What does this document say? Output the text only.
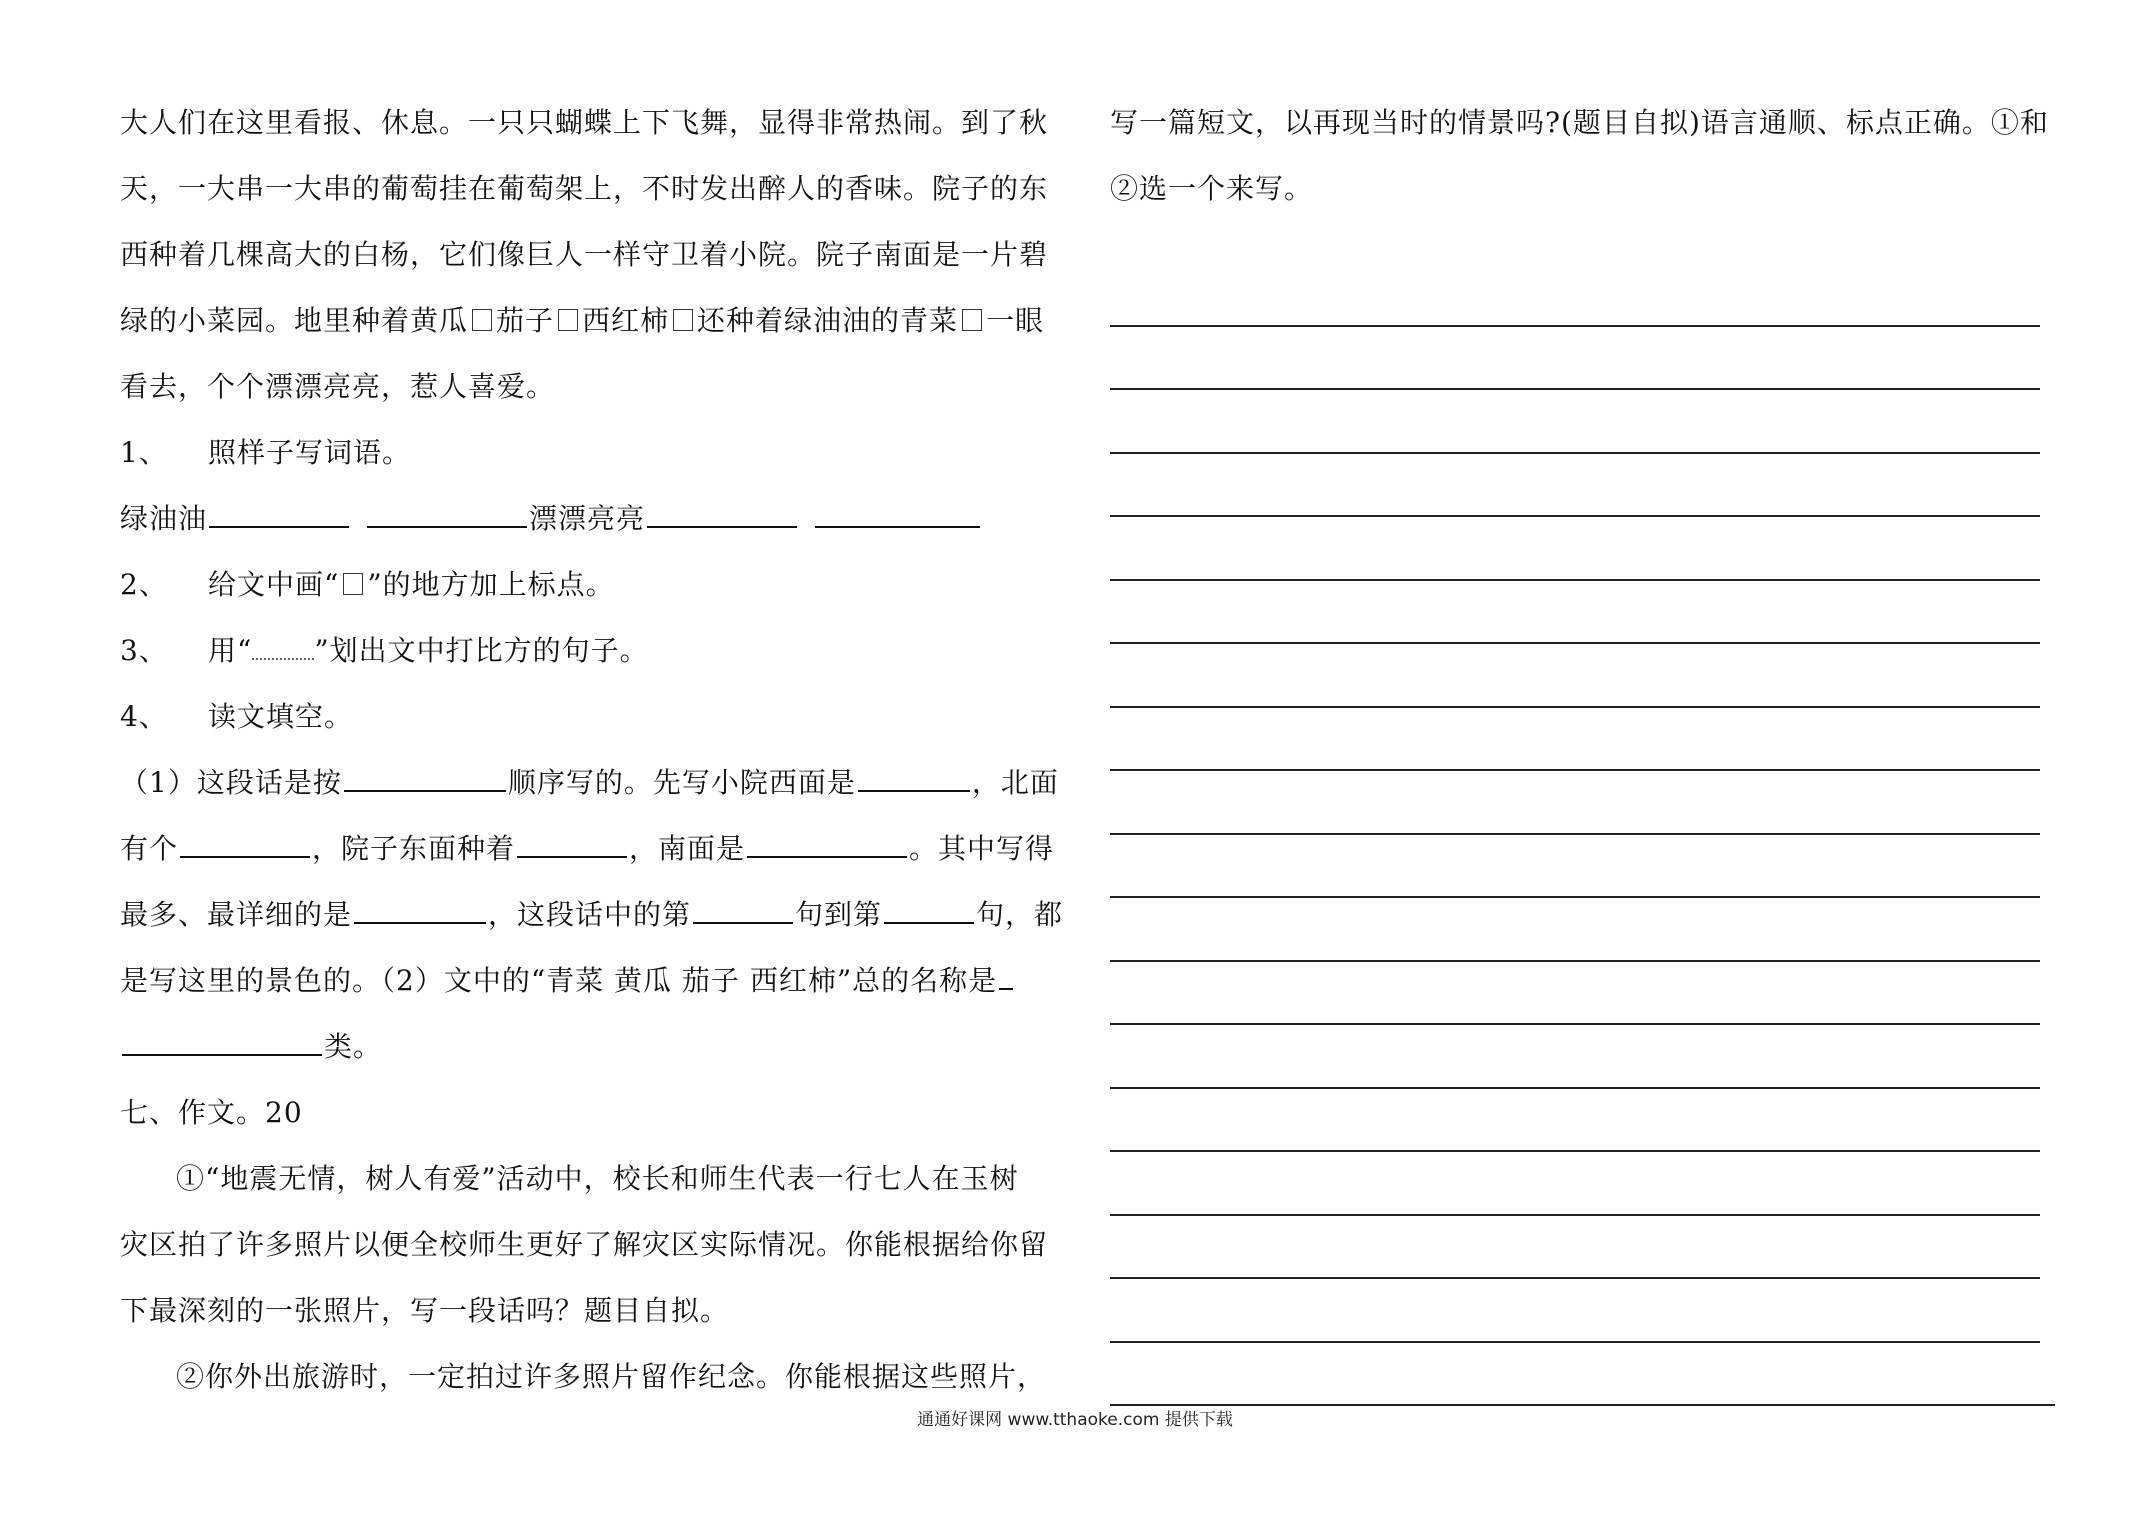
大人们在这里看报、休息。一只只蝴蝶上下飞舞，显得非常热闹。到了秋
天，一大串一大串的葡萄挂在葡萄架上，不时发出醉人的香味。院子的东
西种着几棵高大的白杨，它们像巨人一样守卫着小院。院子南面是一片碧
绿的小菜园。地里种着黄瓜 茄子 西红柿 还种着绿油油的青菜 一眼
看去，个个漂漂亮亮，惹人喜爱。
1、 照样子写词语。
绿油油	漂漂亮亮
2、 给文中画“ ”的地方加上标点。
3、 用“ ”划出文中打比方的句子。
4、 读文填空。
（1）这段话是按	顺序写的。先写小院西面是	，北面
有个	，院子东面种着	，南面是	。其中写得
最多、最详细的是	，这段话中的第	句到第	句，都
是写这里的景色的。（2）文中的“青菜 黄瓜 茄子 西红柿”总的名称是
类。
七、作文。20
①“地震无情，树人有爱”活动中，校长和师生代表一行七人在玉树
灾区拍了许多照片以便全校师生更好了解灾区实际情况。你能根据给你留
下最深刻的一张照片，写一段话吗？题目自拟。
②你外出旅游时，一定拍过许多照片留作纪念。你能根据这些照片，
写一篇短文，以再现当时的情景吗?(题目自拟)语言通顺、标点正确。①和
②选一个来写。
通通好课网 www.tthaoke.com 提供下载
